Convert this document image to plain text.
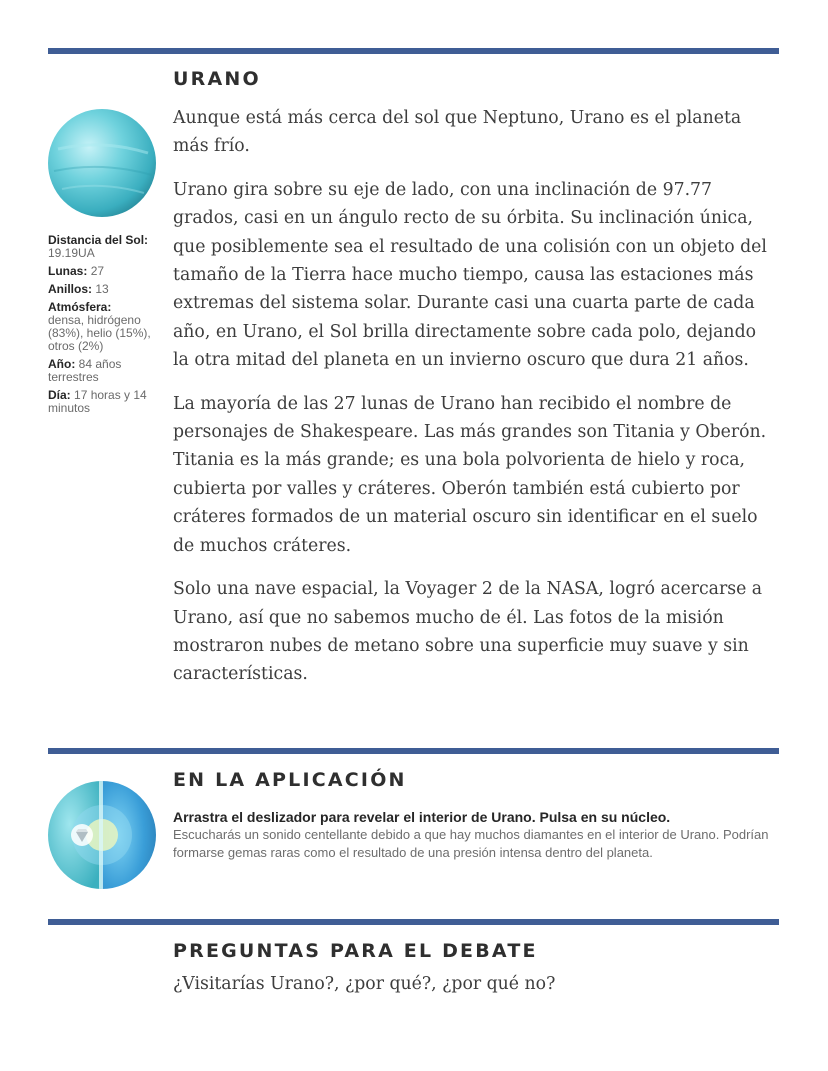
URANO
Distancia del Sol:
19.19UA
Lunas: 27
Anillos: 13
Atmósfera:
densa, hidrógeno (83%), helio (15%), otros (2%)
Año: 84 años terrestres
Día: 17 horas y 14 minutos

Aunque está más cerca del sol que Neptuno, Urano es el planeta más frío.

Urano gira sobre su eje de lado, con una inclinación de 97.77 grados, casi en un ángulo recto de su órbita. Su inclinación única, que posiblemente sea el resultado de una colisión con un objeto del tamaño de la Tierra hace mucho tiempo, causa las estaciones más extremas del sistema solar. Durante casi una cuarta parte de cada año, en Urano, el Sol brilla directamente sobre cada polo, dejando la otra mitad del planeta en un invierno oscuro que dura 21 años.

La mayoría de las 27 lunas de Urano han recibido el nombre de personajes de Shakespeare. Las más grandes son Titania y Oberón. Titania es la más grande; es una bola polvorienta de hielo y roca, cubierta por valles y cráteres. Oberón también está cubierto por cráteres formados de un material oscuro sin identificar en el suelo de muchos cráteres.

Solo una nave espacial, la Voyager 2 de la NASA, logró acercarse a Urano, así que no sabemos mucho de él. Las fotos de la misión mostraron nubes de metano sobre una superficie muy suave y sin características.

EN LA APLICACIÓN
Arrastra el deslizador para revelar el interior de Urano. Pulsa en su núcleo.
Escucharás un sonido centellante debido a que hay muchos diamantes en el interior de Urano. Podrían formarse gemas raras como el resultado de una presión intensa dentro del planeta.
PREGUNTAS PARA EL DEBATE

¿Visitarías Urano?, ¿por qué?, ¿por qué no?
